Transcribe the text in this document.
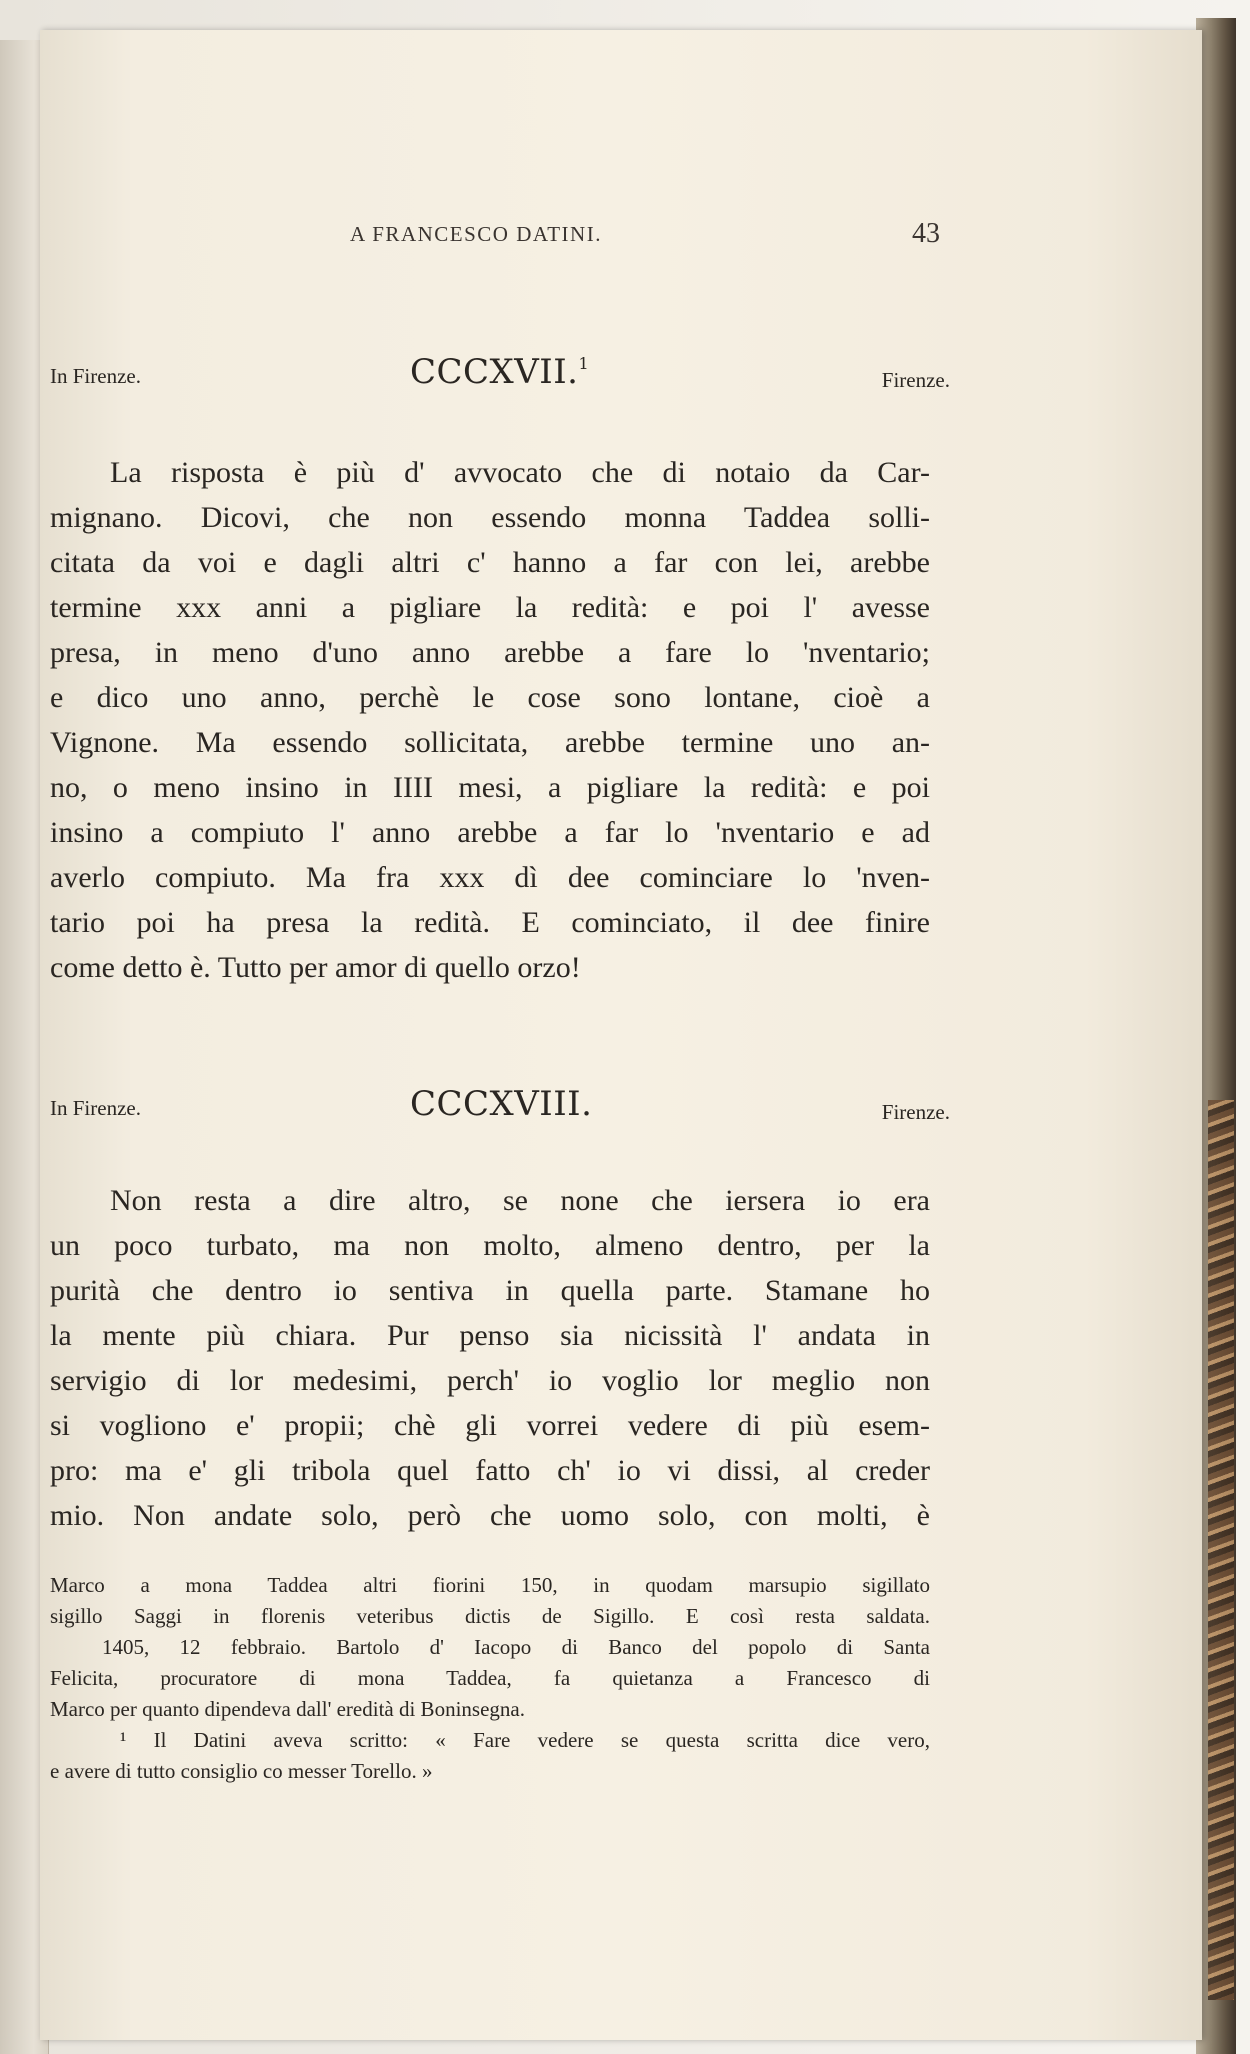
A FRANCESCO DATINI.	43
In Firenze.	CCCXVII.$^1$
Firenze.
La risposta è più d' avvocato che di notaio da Car-
mignano. Dicovi, che non essendo monna Taddea solli-
citata da voi e dagli altri c' hanno a far con lei, arebbe
termine xxx anni a pigliare la redità: e poi l' avesse
presa, in meno d'uno anno arebbe a fare lo 'nventario;
e dico uno anno, perchè le cose sono lontane, cioè a
Vignone. Ma essendo sollicitata, arebbe termine uno an-
no, o meno insino in IIII mesi, a pigliare la redità: e poi
insino a compiuto l' anno arebbe a far lo 'nventario e ad
averlo compiuto. Ma fra xxx dì dee cominciare lo 'nven-
tario poi ha presa la redità. E cominciato, il dee finire
come detto è. Tutto per amor di quello orzo!
In Firenze.	CCCXVIII.	Firenze.
Non resta a dire altro, se none che iersera io era
un poco turbato, ma non molto, almeno dentro, per la
purità che dentro io sentiva in quella parte. Stamane ho
la mente più chiara. Pur penso sia nicissità l' andata in
servigio di lor medesimi, perch' io voglio lor meglio non
si vogliono e' propii; chè gli vorrei vedere di più esem-
pro: ma e' gli tribola quel fatto ch' io vi dissi, al creder
mio. Non andate solo, però che uomo solo, con molti, è
Marco a mona Taddea altri fiorini 150, in quodam marsupio sigillato
sigillo Saggi in florenis veteribus dictis de Sigillo. E così resta saldata.
1405, 12 febbraio. Bartolo d' Iacopo di Banco del popolo di Santa
Felicita, procuratore di mona Taddea, fa quietanza a Francesco di
Marco per quanto dipendeva dall' eredità di Boninsegna.
¹ Il Datini aveva scritto: « Fare vedere se questa scritta dice vero,
e avere di tutto consiglio co messer Torello. »
